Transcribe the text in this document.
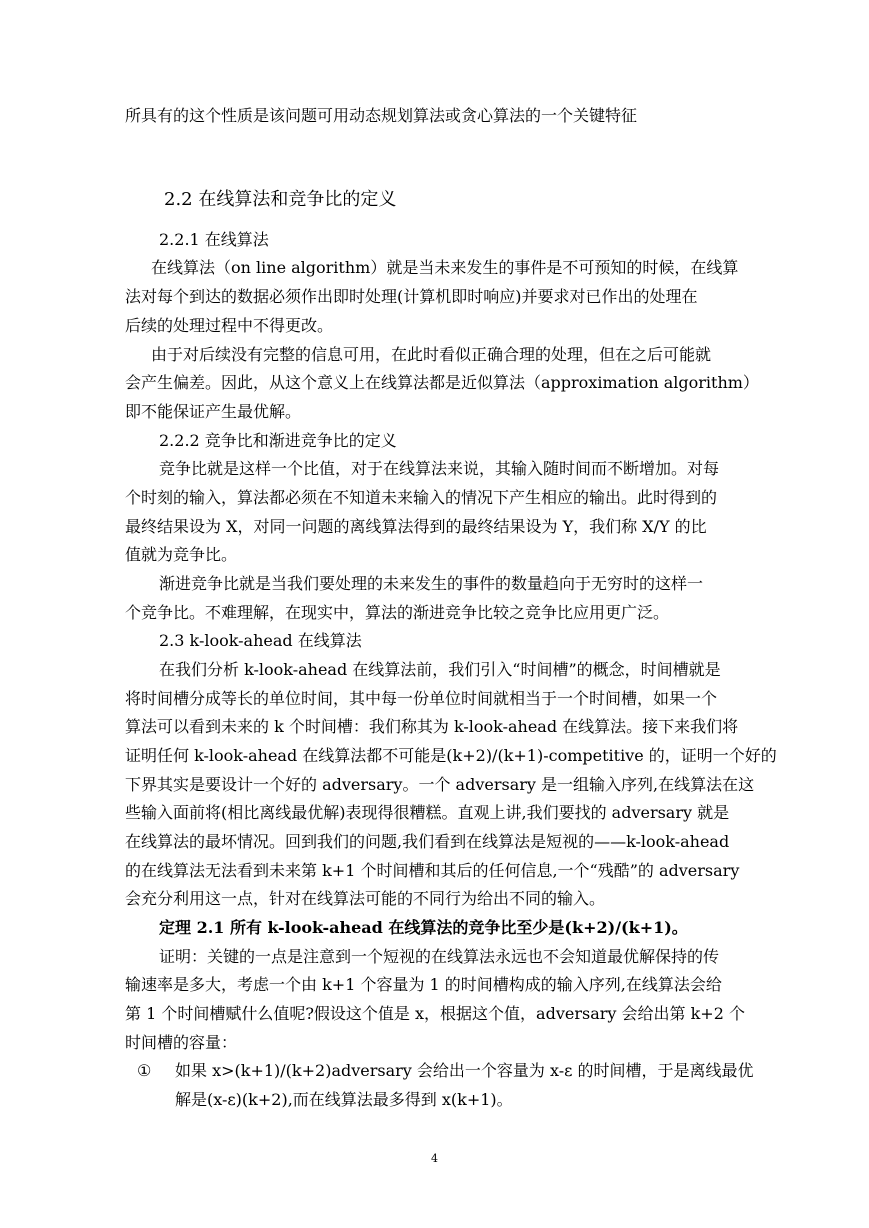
所具有的这个性质是该问题可用动态规划算法或贪心算法的一个关键特征
2.2 在线算法和竞争比的定义
2.2.1 在线算法
在线算法（on line algorithm）就是当未来发生的事件是不可预知的时候，在线算
法对每个到达的数据必须作出即时处理(计算机即时响应)并要求对已作出的处理在
后续的处理过程中不得更改。
由于对后续没有完整的信息可用，在此时看似正确合理的处理，但在之后可能就
会产生偏差。因此，从这个意义上在线算法都是近似算法（approximation algorithm）
即不能保证产生最优解。
2.2.2 竞争比和渐进竞争比的定义
竞争比就是这样一个比值，对于在线算法来说，其输入随时间而不断增加。对每
个时刻的输入，算法都必须在不知道未来输入的情况下产生相应的输出。此时得到的
最终结果设为 X，对同一问题的离线算法得到的最终结果设为 Y，我们称 X/Y 的比
值就为竞争比。
渐进竞争比就是当我们要处理的未来发生的事件的数量趋向于无穷时的这样一
个竞争比。不难理解，在现实中，算法的渐进竞争比较之竞争比应用更广泛。
2.3 k-look-ahead 在线算法
在我们分析 k-look-ahead 在线算法前，我们引入“时间槽”的概念，时间槽就是
将时间槽分成等长的单位时间，其中每一份单位时间就相当于一个时间槽，如果一个
算法可以看到未来的 k 个时间槽：我们称其为 k-look-ahead 在线算法。接下来我们将
证明任何 k-look-ahead 在线算法都不可能是(k+2)/(k+1)-competitive 的，证明一个好的
下界其实是要设计一个好的 adversary。一个 adversary 是一组输入序列,在线算法在这
些输入面前将(相比离线最优解)表现得很糟糕。直观上讲,我们要找的 adversary 就是
在线算法的最坏情况。回到我们的问题,我们看到在线算法是短视的——k-look-ahead
的在线算法无法看到未来第 k+1 个时间槽和其后的任何信息,一个“残酷”的 adversary
会充分利用这一点，针对在线算法可能的不同行为给出不同的输入。
定理 2.1 所有 k-look-ahead 在线算法的竞争比至少是(k+2)/(k+1)。
证明：关键的一点是注意到一个短视的在线算法永远也不会知道最优解保持的传
输速率是多大，考虑一个由 k+1 个容量为 1 的时间槽构成的输入序列,在线算法会给
第 1 个时间槽赋什么值呢?假设这个值是 x，根据这个值，adversary 会给出第 k+2 个
时间槽的容量：
① 如果 x>(k+1)/(k+2)adversary 会给出一个容量为 x-ε 的时间槽，于是离线最优
解是(x-ε)(k+2),而在线算法最多得到 x(k+1)。
4
